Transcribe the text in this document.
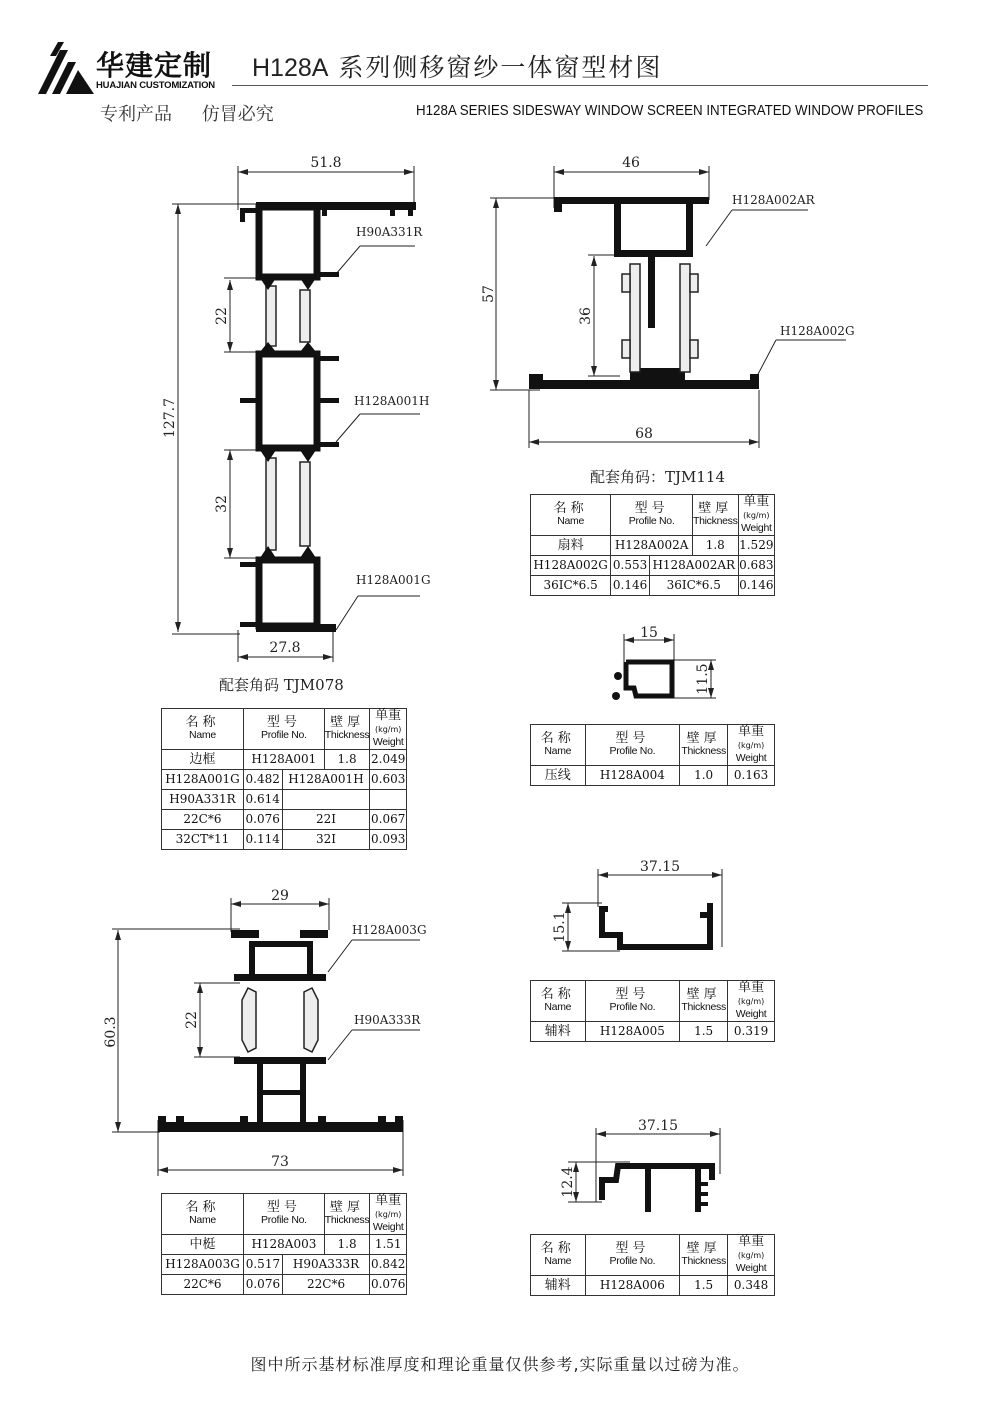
华建定制
HUAJIAN CUSTOMIZATION
H128A 系列侧移窗纱一体窗型材图
专利产品 仿冒必究	H128A SERIES SIDESWAY WINDOW SCREEN INTEGRATED WINDOW PROFILES
51.8
127.7
22
32
27.8
H90A331R
H128A001H
H128A001G
配套角码 TJM078
名称
Name	型号
Profile No.		壁厚
Thickness	单重(kg/m)
Weight

边框	H128A001		1.8	2.049
H128A001G	0.482	H128A001H		0.603
H90A331R	0.614			
22C*6	0.076	22I		0.067
32CT*11	0.114	32I		0.093
46
57
36
68
H128A002AR
H128A002G
配套角码：TJM114
名称
Name	型号
Profile No.		壁厚
Thickness	单重(kg/m)
Weight

扇料	H128A002A		1.8	1.529
H128A002G	0.553	H128A002AR		0.683
36IC*6.5	0.146	36IC*6.5		0.146
15
11.5
名称
Name	型号
Profile No.	壁厚
Thickness	单重(kg/m)
Weight

压线	H128A004	1.0	0.163
37.15
15.1
名称
Name	型号
Profile No.	壁厚
Thickness	单重(kg/m)
Weight

辅料	H128A005	1.5	0.319
29
60.3	22
73
H128A003G
H90A333R
名称
Name	型号
Profile No.		壁厚
Thickness	单重(kg/m)
Weight

中梃	H128A003		1.8	1.51
H128A003G	0.517	H90A333R		0.842
22C*6	0.076	22C*6		0.076
37.15
12.4
名称
Name	型号
Profile No.	壁厚
Thickness	单重(kg/m)
Weight

辅料	H128A006	1.5	0.348
图中所示基材标准厚度和理论重量仅供参考,实际重量以过磅为准。
